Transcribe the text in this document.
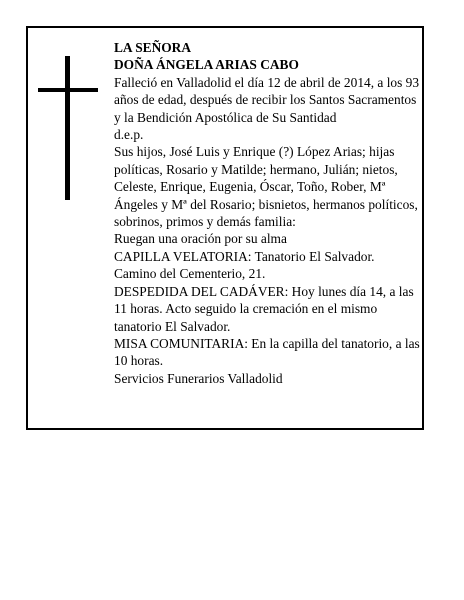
LA SEÑORA

DOÑA ÁNGELA ARIAS CABO

Falleció en Valladolid el día 12 de abril de 2014, a los 93 años de edad, después de recibir los Santos Sacramentos y la Bendición Apostólica de Su Santidad

d.e.p.

Sus hijos, José Luis y Enrique (?) López Arias; hijas políticas, Rosario y Matilde; hermano, Julián; nietos, Celeste, Enrique, Eugenia, Óscar, Toño, Rober, Mª Ángeles y Mª del Rosario; bisnietos, hermanos políticos, sobrinos, primos y demás familia:

Ruegan una oración por su alma

CAPILLA VELATORIA: Tanatorio El Salvador. Camino del Cementerio, 21.

DESPEDIDA DEL CADÁVER: Hoy lunes día 14, a las 11 horas. Acto seguido la cremación en el mismo tanatorio El Salvador.

MISA COMUNITARIA: En la capilla del tanatorio, a las 10 horas.

Servicios Funerarios Valladolid
